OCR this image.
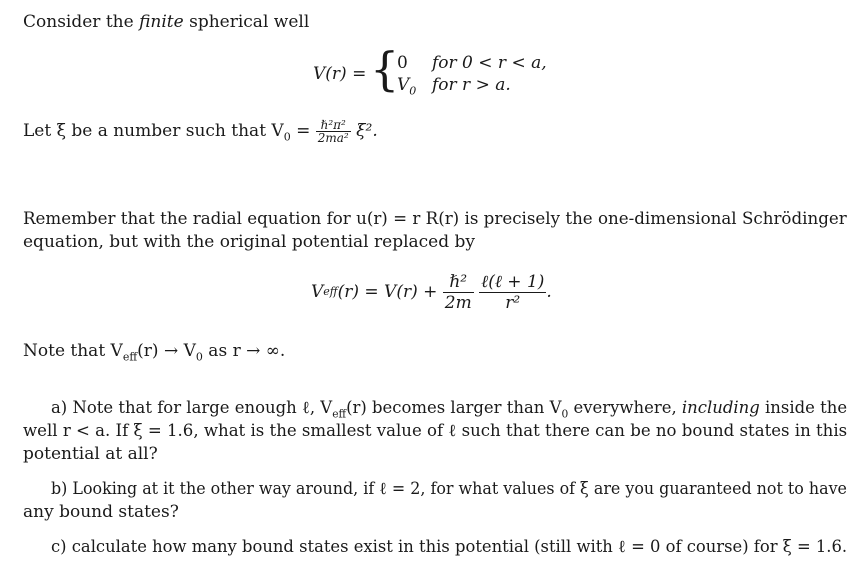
Consider the finite spherical well
V(r) = {
0 for 0 < r < a,
$V_0$ for r > a.
Let ξ be a number such that $V_0 = \frac{\text{ℏ²π²}}{\text{2ma²}} \xi^2$.
Remember that the radial equation for u(r) = r R(r) is precisely the one-dimensional Schrödinger
equation, but with the original potential replaced by
V eff (r) = V(r) +
$\frac{\text{ℏ²}}{2m}$
$\frac{\text{ℓ(ℓ + 1)}}{\text{r²}}$ .
Note that $V_{eff}(r) \to V_0$ as r → ∞.
a) Note that for large enough ℓ, $V_{eff}(r)$ becomes larger than $V_0$ everywhere, including inside the
well r < a. If ξ = 1.6, what is the smallest value of ℓ such that there can be no bound states in this
potential at all?
b) Looking at it the other way around, if ℓ = 2, for what values of ξ are you guaranteed not to have
any bound states?
c) calculate how many bound states exist in this potential (still with ℓ = 0 of course) for ξ = 1.6.
